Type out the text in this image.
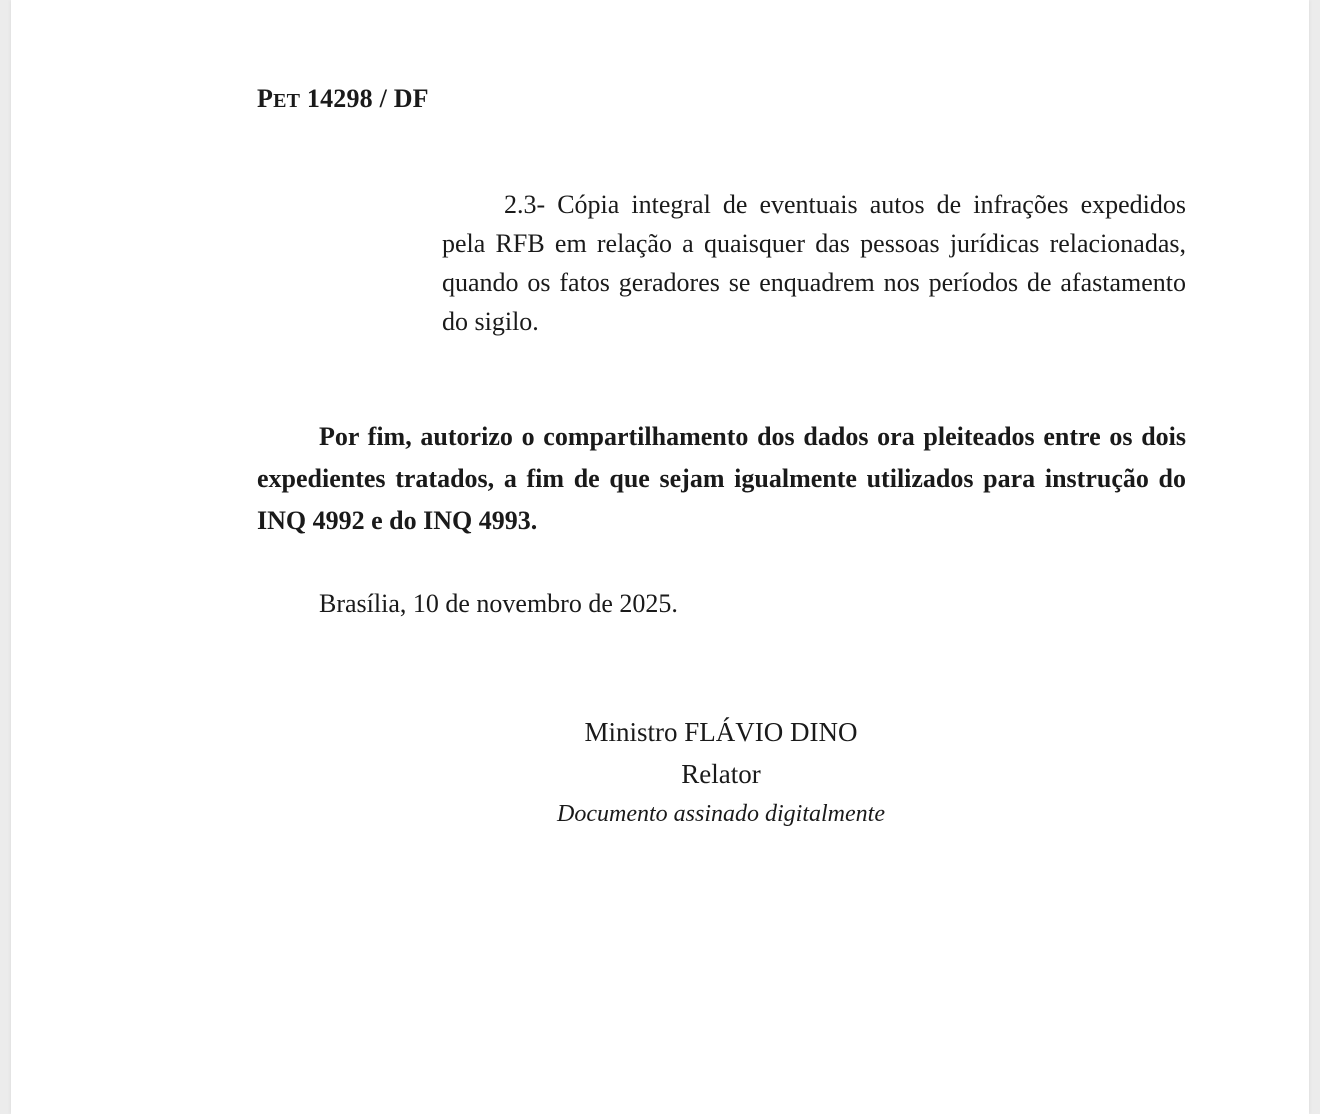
PET 14298 / DF

2.3- Cópia integral de eventuais autos de infrações expedidos pela RFB em relação a quaisquer das pessoas jurídicas relacionadas, quando os fatos geradores se enquadrem nos períodos de afastamento do sigilo.

Por fim, autorizo o compartilhamento dos dados ora pleiteados entre os dois expedientes tratados, a fim de que sejam igualmente utilizados para instrução do INQ 4992 e do INQ 4993.

Brasília, 10 de novembro de 2025.

Ministro FLÁVIO DINO
Relator
Documento assinado digitalmente
